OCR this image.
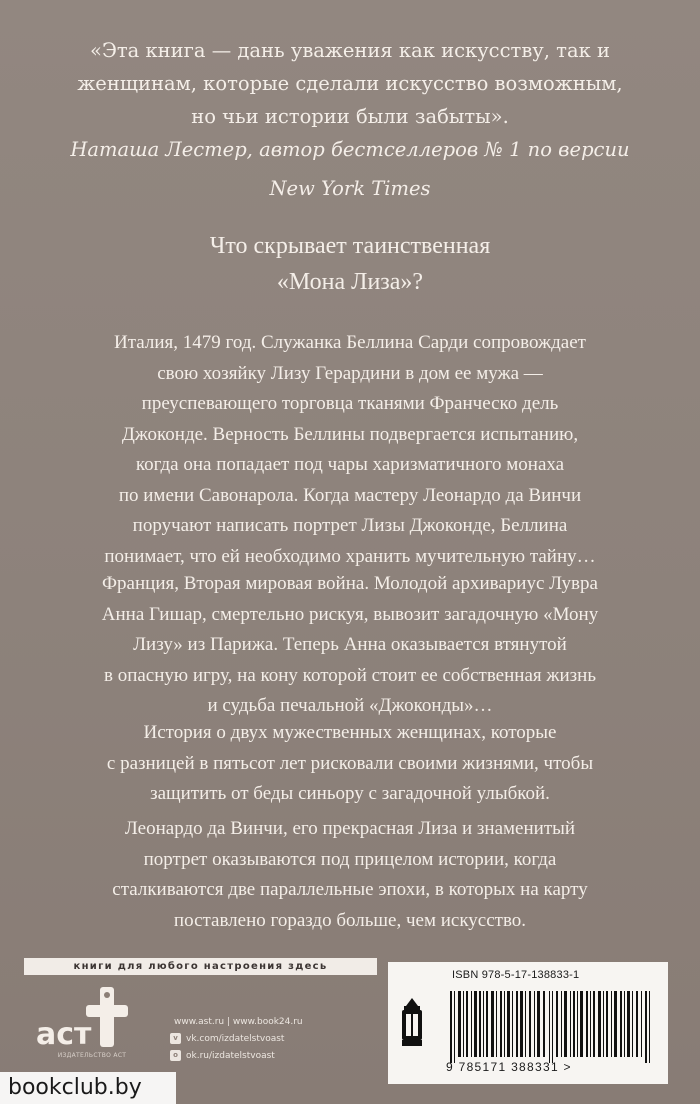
«Эта книга — дань уважения как искусству, так и
женщинам, которые сделали искусство возможным,
но чьи истории были забыты».
Наташа Лестер, автор бестселлеров № 1 по версии
New York Times
Что скрывает таинственная
«Мона Лиза»?
Италия, 1479 год. Служанка Беллина Сарди сопровождает
свою хозяйку Лизу Герардини в дом ее мужа —
преуспевающего торговца тканями Франческо дель
Джоконде. Верность Беллины подвергается испытанию,
когда она попадает под чары харизматичного монаха
по имени Савонарола. Когда мастеру Леонардо да Винчи
поручают написать портрет Лизы Джоконде, Беллина
понимает, что ей необходимо хранить мучительную тайну…
Франция, Вторая мировая война. Молодой архивариус Лувра
Анна Гишар, смертельно рискуя, вывозит загадочную «Мону
Лизу» из Парижа. Теперь Анна оказывается втянутой
в опасную игру, на кону которой стоит ее собственная жизнь
и судьба печальной «Джоконды»…
История о двух мужественных женщинах, которые
с разницей в пятьсот лет рисковали своими жизнями, чтобы
защитить от беды синьору с загадочной улыбкой.
Леонардо да Винчи, его прекрасная Лиза и знаменитый
портрет оказываются под прицелом истории, когда
сталкиваются две параллельные эпохи, в которых на карту
поставлено гораздо больше, чем искусство.
книги для любого настроения здесь
аст
ИЗДАТЕЛЬСТВО АСТ
www.ast.ru | www.book24.ru
v vk.com/izdatelstvoast
o ok.ru/izdatelstvoast
ISBN 978-5-17-138833-1
9 785171 388331 >
bookclub.by
